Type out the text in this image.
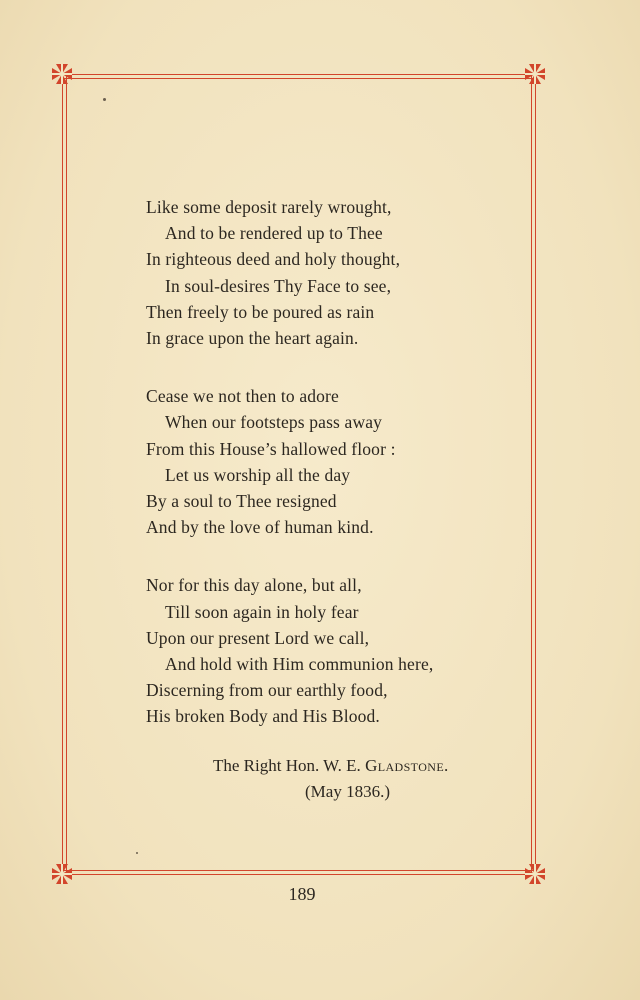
Like some deposit rarely wrought,
And to be rendered up to Thee
In righteous deed and holy thought,
In soul-desires Thy Face to see,
Then freely to be poured as rain
In grace upon the heart again.
Cease we not then to adore
When our footsteps pass away
From this House’s hallowed floor :
Let us worship all the day
By a soul to Thee resigned
And by the love of human kind.
Nor for this day alone, but all,
Till soon again in holy fear
Upon our present Lord we call,
And hold with Him communion here,
Discerning from our earthly food,
His broken Body and His Blood.
The Right Hon. W. E. Gladstone.
(May 1836.)
189
